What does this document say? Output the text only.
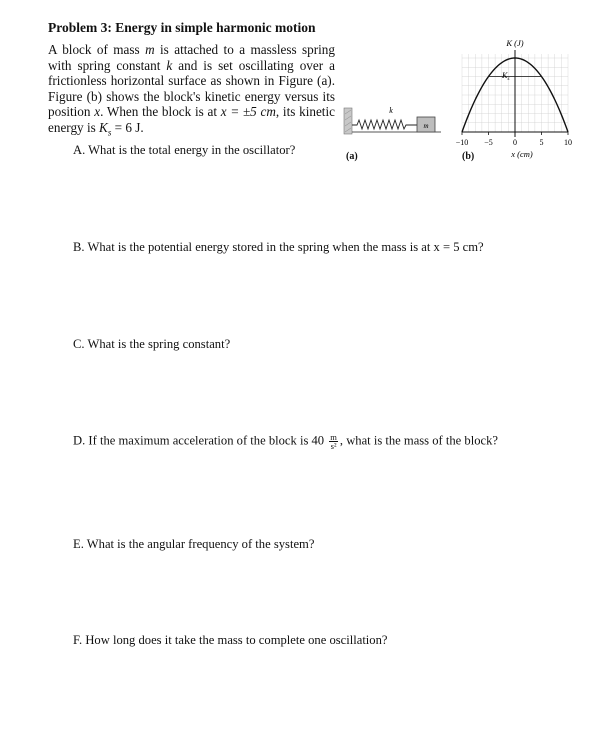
Problem 3: Energy in simple harmonic motion
A block of mass m is attached to a massless spring with spring constant k and is set oscillating over a frictionless horizontal surface as shown in Figure (a). Figure (b) shows the block's kinetic energy versus its position x. When the block is at x = ±5 cm, its kinetic energy is $K_s = 6$ J.
k
m
(a)
K (J)
$K_s$
−10 −5	0	5	10
x (cm)
(b)
A. What is the total energy in the oscillator?
B. What is the potential energy stored in the spring when the mass is at x = 5 cm?
C. What is the spring constant?
D. If the maximum acceleration of the block is $40 \frac{m}{\text{s²}}$ , what is the mass of the block?
E. What is the angular frequency of the system?
F. How long does it take the mass to complete one oscillation?
